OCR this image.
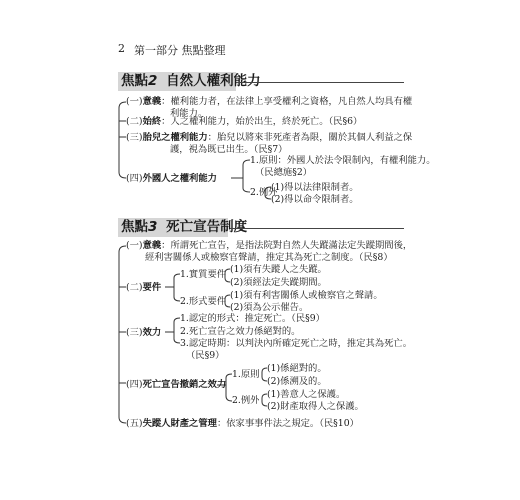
2 第一部分 焦點整理
焦點2 自然人權利能力
(一)意義：權利能力者，在法律上享受權利之資格，凡自然人均具有權
利能力。
(二)始終：人之權利能力，始於出生，終於死亡。（民§6）
(三)胎兒之權利能力：胎兒以將來非死產者為限，關於其個人利益之保
護，視為既已出生。（民§7）
(四)外國人之權利能力
1.原則：外國人於法令限制內，有權利能力。
（民總施§2）
2.例外
(1)得以法律限制者。
(2)得以命令限制者。
焦點3 死亡宣告制度
(一)意義：所謂死亡宣告，是指法院對自然人失蹤滿法定失蹤期間後，
經利害關係人或檢察官聲請，推定其為死亡之制度。（民§8）
(二)要件
1.實質要件 (1)須有失蹤人之失蹤。
(2)須經法定失蹤期間。
2.形式要件
(1)須有利害關係人或檢察官之聲請。
(2)須為公示催告。
(三)效力
1.認定的形式：推定死亡。（民§9）
2.死亡宣告之效力係絕對的。
3.認定時期：以判決內所確定死亡之時，推定其為死亡。
（民§9）
(四)死亡宣告撤銷之效力
1.原則
(1)係絕對的。
(2)係溯及的。
2.例外
(1)善意人之保護。
(2)財產取得人之保護。
(五)失蹤人財產之管理：依家事事件法之規定。（民§10）
